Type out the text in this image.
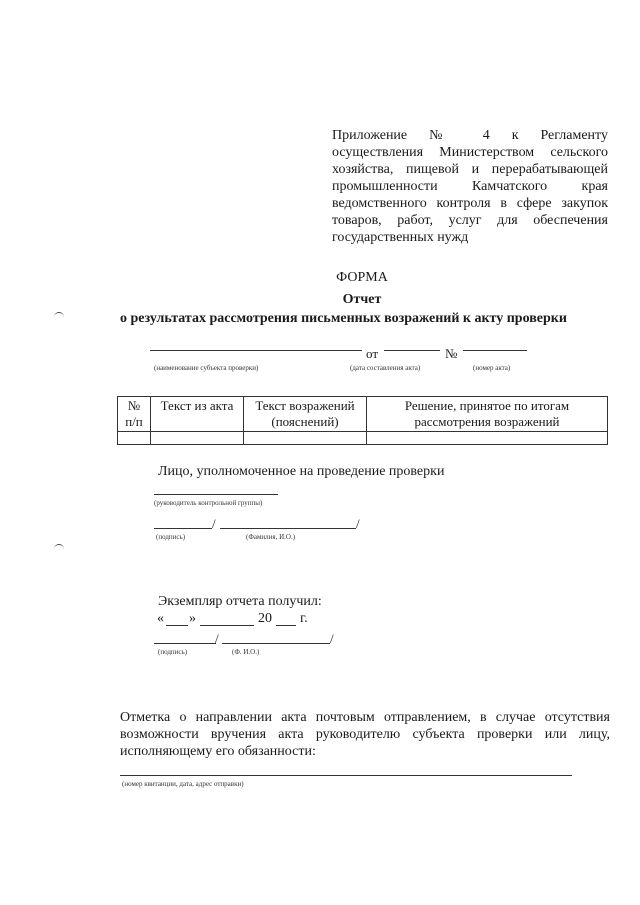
Приложение № 4 к Регламенту осуществления Министерством сельского хозяйства, пищевой и перерабатывающей промышленности Камчатского края ведомственного контроля в сфере закупок товаров, работ, услуг для обеспечения государственных нужд
ФОРМА
Отчет
о результатах рассмотрения письменных возражений к акту проверки
от	№
(наименование субъекта проверки)	(дата составления акта)	(номер акта)
№ п/п	Текст из акта	Текст возражений (пояснений)	Решение, принятое по итогам рассмотрения возражений

Лицо, уполномоченное на проведение проверки
(руководитель контрольной группы)
/	/
(подпись)	(Фамилия, И.О.)
Экземпляр отчета получил:
« »	20 г.
/	/
(подпись)	(Ф. И.О.)
Отметка о направлении акта почтовым отправлением, в случае отсутствия возможности вручения акта руководителю субъекта проверки или лицу, исполняющему его обязанности:
(номер квитанции, дата, адрес отправки)
